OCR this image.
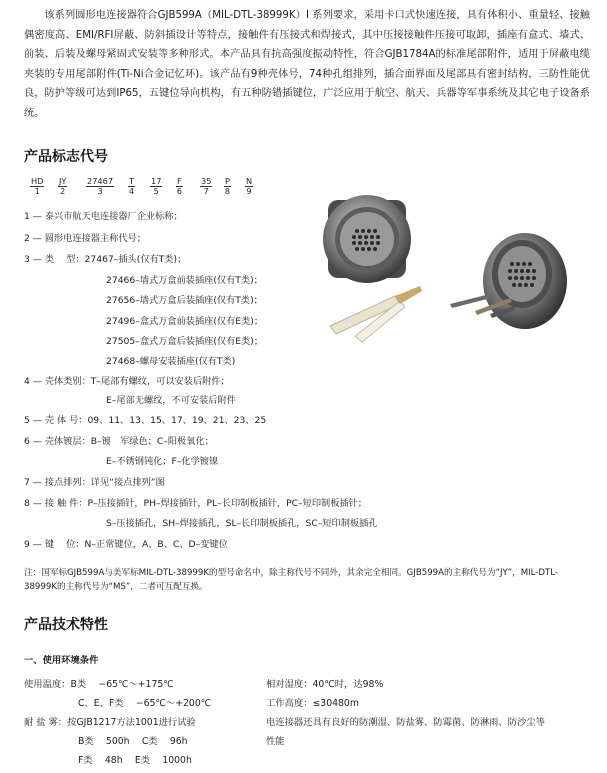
该系列圆形电连接器符合GJB599A（MIL-DTL-38999K）I 系列要求，采用卡口式快速连接，具有体积小、重量轻、接触偶密度高、EMI/RFI屏蔽、防斜插设计等特点，接触件有压接式和焊接式，其中压接接触件压接可取卸，插座有盒式、墙式、前装、后装及螺母紧固式安装等多种形式。本产品具有抗高强度振动特性，符合GJB1784A的标准尾部附件，适用于屏蔽电缆夹装的专用尾部附件(Ti-Ni合金记忆环)。该产品有9种壳体号，74种孔组排列，插合面界面及尾部具有密封结构，三防性能优良，防护等级可达到IP65，五键位导向机构，有五种防错插键位，广泛应用于航空、航天、兵器等军事系统及其它电子设备系统。

产品标志代号
HD
1
JY
2
27467
3
T
4
17
5
F
6
35
7
P
8
N
9
1 — 泰兴市航天电连接器厂企业标称；
2 — 圆形电连接器主称代号；
3 — 类　 型：27467–插头(仅有T类)；
27466–墙式万盒前装插座(仅有T类)；
27656–墙式万盒后装插座(仅有T类)；
27496–盒式万盒前装插座(仅有E类)；
27505–盒式万盒后装插座(仅有E类)；
27468–螺母安装插座(仅有T类)
4 — 壳体类别：T–尾部有螺纹，可以安装后附件；
E–尾部无螺纹，不可安装后附件
5 — 壳 体 号：09、11、13、15、17、19、21、23、25
6 — 壳体镀层：B–镀　军绿色；C–阳极氧化；
E–不锈钢钝化；F–化学镀镍
7 — 接点排列：详见“接点排列”图
8 — 接 触 件：P–压接插针，PH–焊接插针，PL–长印制板插针，PC–短印制板插针；
S–压接插孔，SH–焊接插孔，SL–长印制板插孔，SC–短印制板插孔
9 — 键　 位：N–正常键位，A、B、C、D–变键位
注：国军标GJB599A与美军标MIL-DTL-38999K的型号命名中，除主称代号不同外，其余完全相同。GJB599A的主称代号为“JY”，MIL-DTL-38999K的主称代号为“MS”，二者可互配互换。
产品技术特性
一、使用环境条件
使用温度：B类　 −65℃～+175℃
C、E、F类　 −65℃～+200℃
耐 盐 雾：按GJB1217方法1001进行试验
B类　 500h　 C类　 96h
F类　 48h　 E类　 1000h
相对湿度：40℃时，达98%
工作高度：≤30480m
电连接器还具有良好的防潮湿、防盐雾、防霉菌、防淋雨、防沙尘等
性能
